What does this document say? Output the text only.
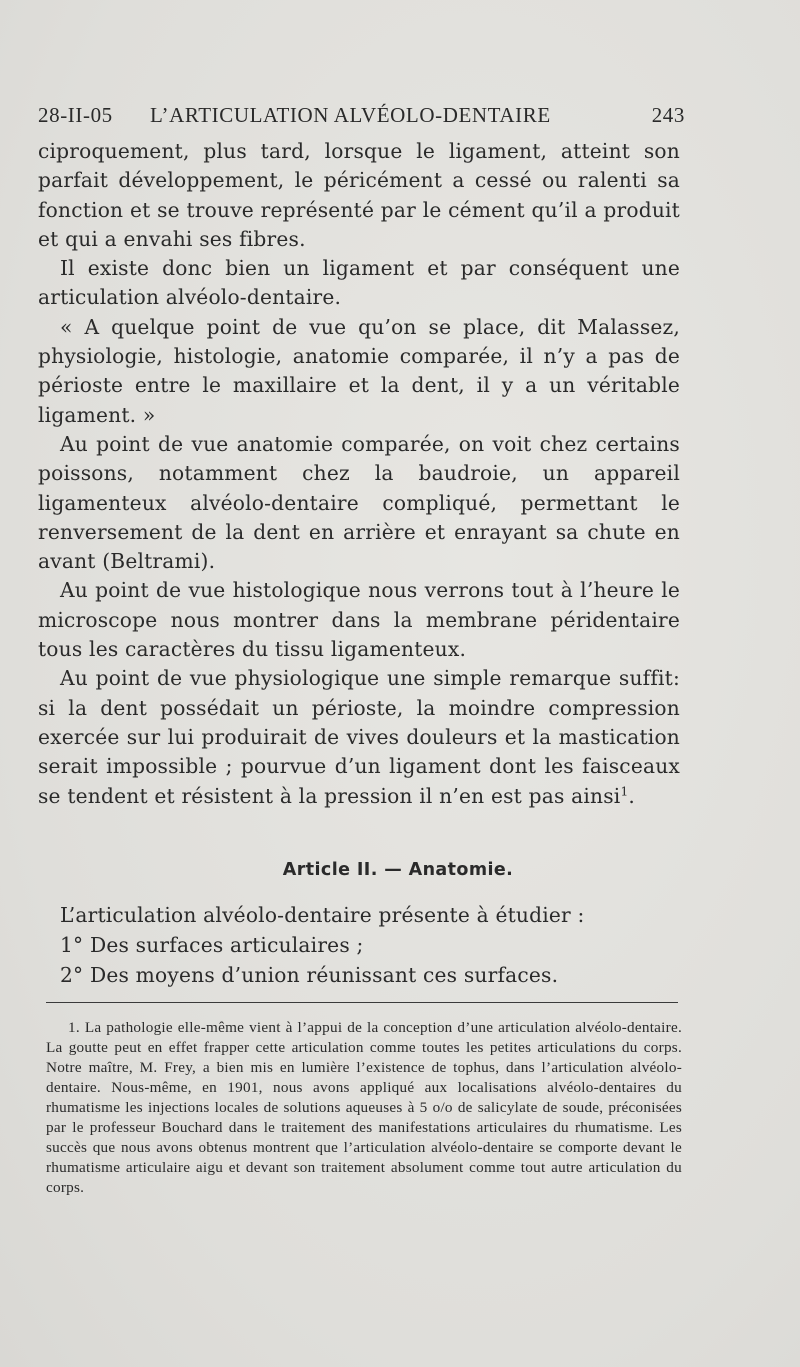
28-II-05 L’ARTICULATION ALVÉOLO-DENTAIRE	243

ciproquement, plus tard, lorsque le ligament, atteint son parfait développement, le péricément a cessé ou ralenti sa fonction et se trouve représenté par le cément qu’il a produit et qui a envahi ses fibres.

Il existe donc bien un ligament et par conséquent une articulation alvéolo-dentaire.

« A quelque point de vue qu’on se place, dit Malassez, physiologie, histologie, anatomie comparée, il n’y a pas de périoste entre le maxillaire et la dent, il y a un véritable ligament. »

Au point de vue anatomie comparée, on voit chez certains poissons, notamment chez la baudroie, un appareil ligamenteux alvéolo-dentaire compliqué, permettant le renversement de la dent en arrière et enrayant sa chute en avant (Beltrami).

Au point de vue histologique nous verrons tout à l’heure le microscope nous montrer dans la membrane péridentaire tous les caractères du tissu ligamenteux.

Au point de vue physiologique une simple remarque suffit: si la dent possédait un périoste, la moindre compression exercée sur lui produirait de vives douleurs et la mastication serait impossible ; pourvue d’un ligament dont les faisceaux se tendent et résistent à la pression il n’en est pas ainsi$^1$.

Article II. — Anatomie.
L’articulation alvéolo-dentaire présente à étudier :
1° Des surfaces articulaires ;
2° Des moyens d’union réunissant ces surfaces.

1. La pathologie elle-même vient à l’appui de la conception d’une articulation alvéolo-dentaire. La goutte peut en effet frapper cette articulation comme toutes les petites articulations du corps. Notre maître, M. Frey, a bien mis en lumière l’existence de tophus, dans l’articulation alvéolo-dentaire. Nous-même, en 1901, nous avons appliqué aux localisations alvéolo-dentaires du rhumatisme les injections locales de solutions aqueuses à 5 o/o de salicylate de soude, préconisées par le professeur Bouchard dans le traitement des manifestations articulaires du rhumatisme. Les succès que nous avons obtenus montrent que l’articulation alvéolo-dentaire se comporte devant le rhumatisme articulaire aigu et devant son traitement absolument comme tout autre articulation du corps.
